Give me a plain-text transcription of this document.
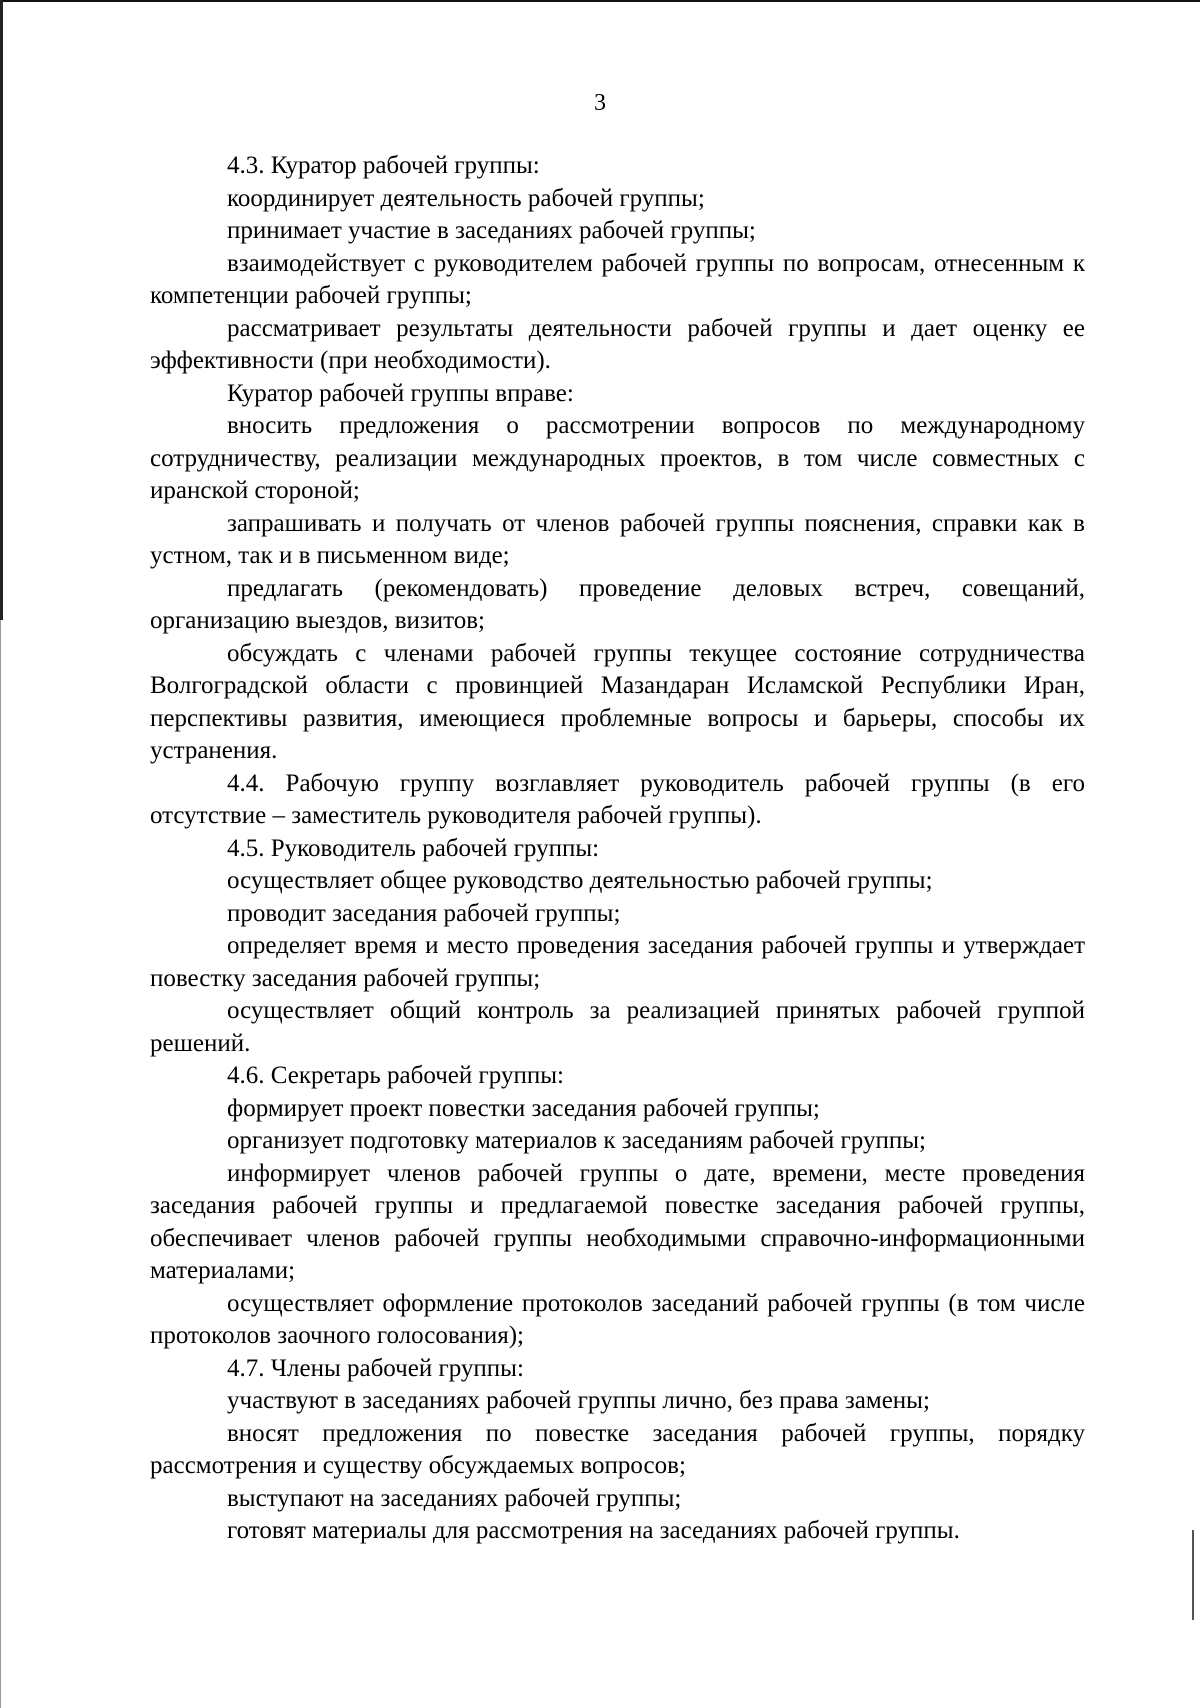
3

4.3. Куратор рабочей группы:

координирует деятельность рабочей группы;

принимает участие в заседаниях рабочей группы;

взаимодействует с руководителем рабочей группы по вопросам, отнесенным к компетенции рабочей группы;

рассматривает результаты деятельности рабочей группы и дает оценку ее эффективности (при необходимости).

Куратор рабочей группы вправе:

вносить предложения о рассмотрении вопросов по международному сотрудничеству, реализации международных проектов, в том числе совместных с иранской стороной;

запрашивать и получать от членов рабочей группы пояснения, справки как в устном, так и в письменном виде;

предлагать (рекомендовать) проведение деловых встреч, совещаний, организацию выездов, визитов;

обсуждать с членами рабочей группы текущее состояние сотрудничества Волгоградской области с провинцией Мазандаран Исламской Республики Иран, перспективы развития, имеющиеся проблемные вопросы и барьеры, способы их устранения.

4.4. Рабочую группу возглавляет руководитель рабочей группы (в его отсутствие – заместитель руководителя рабочей группы).

4.5. Руководитель рабочей группы:

осуществляет общее руководство деятельностью рабочей группы;

проводит заседания рабочей группы;

определяет время и место проведения заседания рабочей группы и утверждает повестку заседания рабочей группы;

осуществляет общий контроль за реализацией принятых рабочей группой решений.

4.6. Секретарь рабочей группы:

формирует проект повестки заседания рабочей группы;

организует подготовку материалов к заседаниям рабочей группы;

информирует членов рабочей группы о дате, времени, месте проведения заседания рабочей группы и предлагаемой повестке заседания рабочей группы, обеспечивает членов рабочей группы необходимыми справочно-информационными материалами;

осуществляет оформление протоколов заседаний рабочей группы (в том числе протоколов заочного голосования);

4.7. Члены рабочей группы:

участвуют в заседаниях рабочей группы лично, без права замены;

вносят предложения по повестке заседания рабочей группы, порядку рассмотрения и существу обсуждаемых вопросов;

выступают на заседаниях рабочей группы;

готовят материалы для рассмотрения на заседаниях рабочей группы.
